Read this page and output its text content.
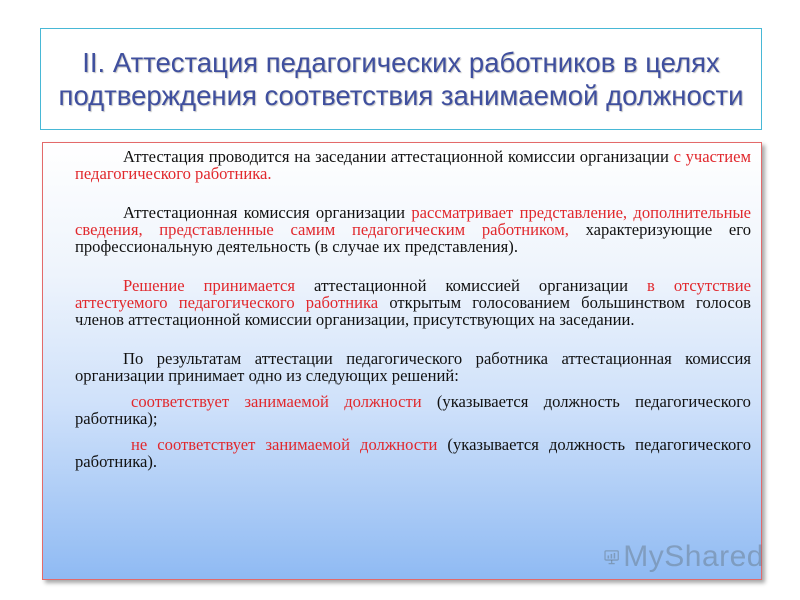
II. Аттестация педагогических работников в целях подтверждения соответствия занимаемой должности

Аттестация проводится на заседании аттестационной комиссии организации с участием педагогического работника.

Аттестационная комиссия организации рассматривает представление, дополнительные сведения, представленные самим педагогическим работником, характеризующие его профессиональную деятельность (в случае их представления).

Решение принимается аттестационной комиссией организации в отсутствие аттестуемого педагогического работника открытым голосованием большинством голосов членов аттестационной комиссии организации, присутствующих на заседании.

По результатам аттестации педагогического работника аттестационная комиссия организации принимает одно из следующих решений:

соответствует занимаемой должности (указывается должность педагогического работника);

не соответствует занимаемой должности (указывается должность педагогического работника).

MyShared
